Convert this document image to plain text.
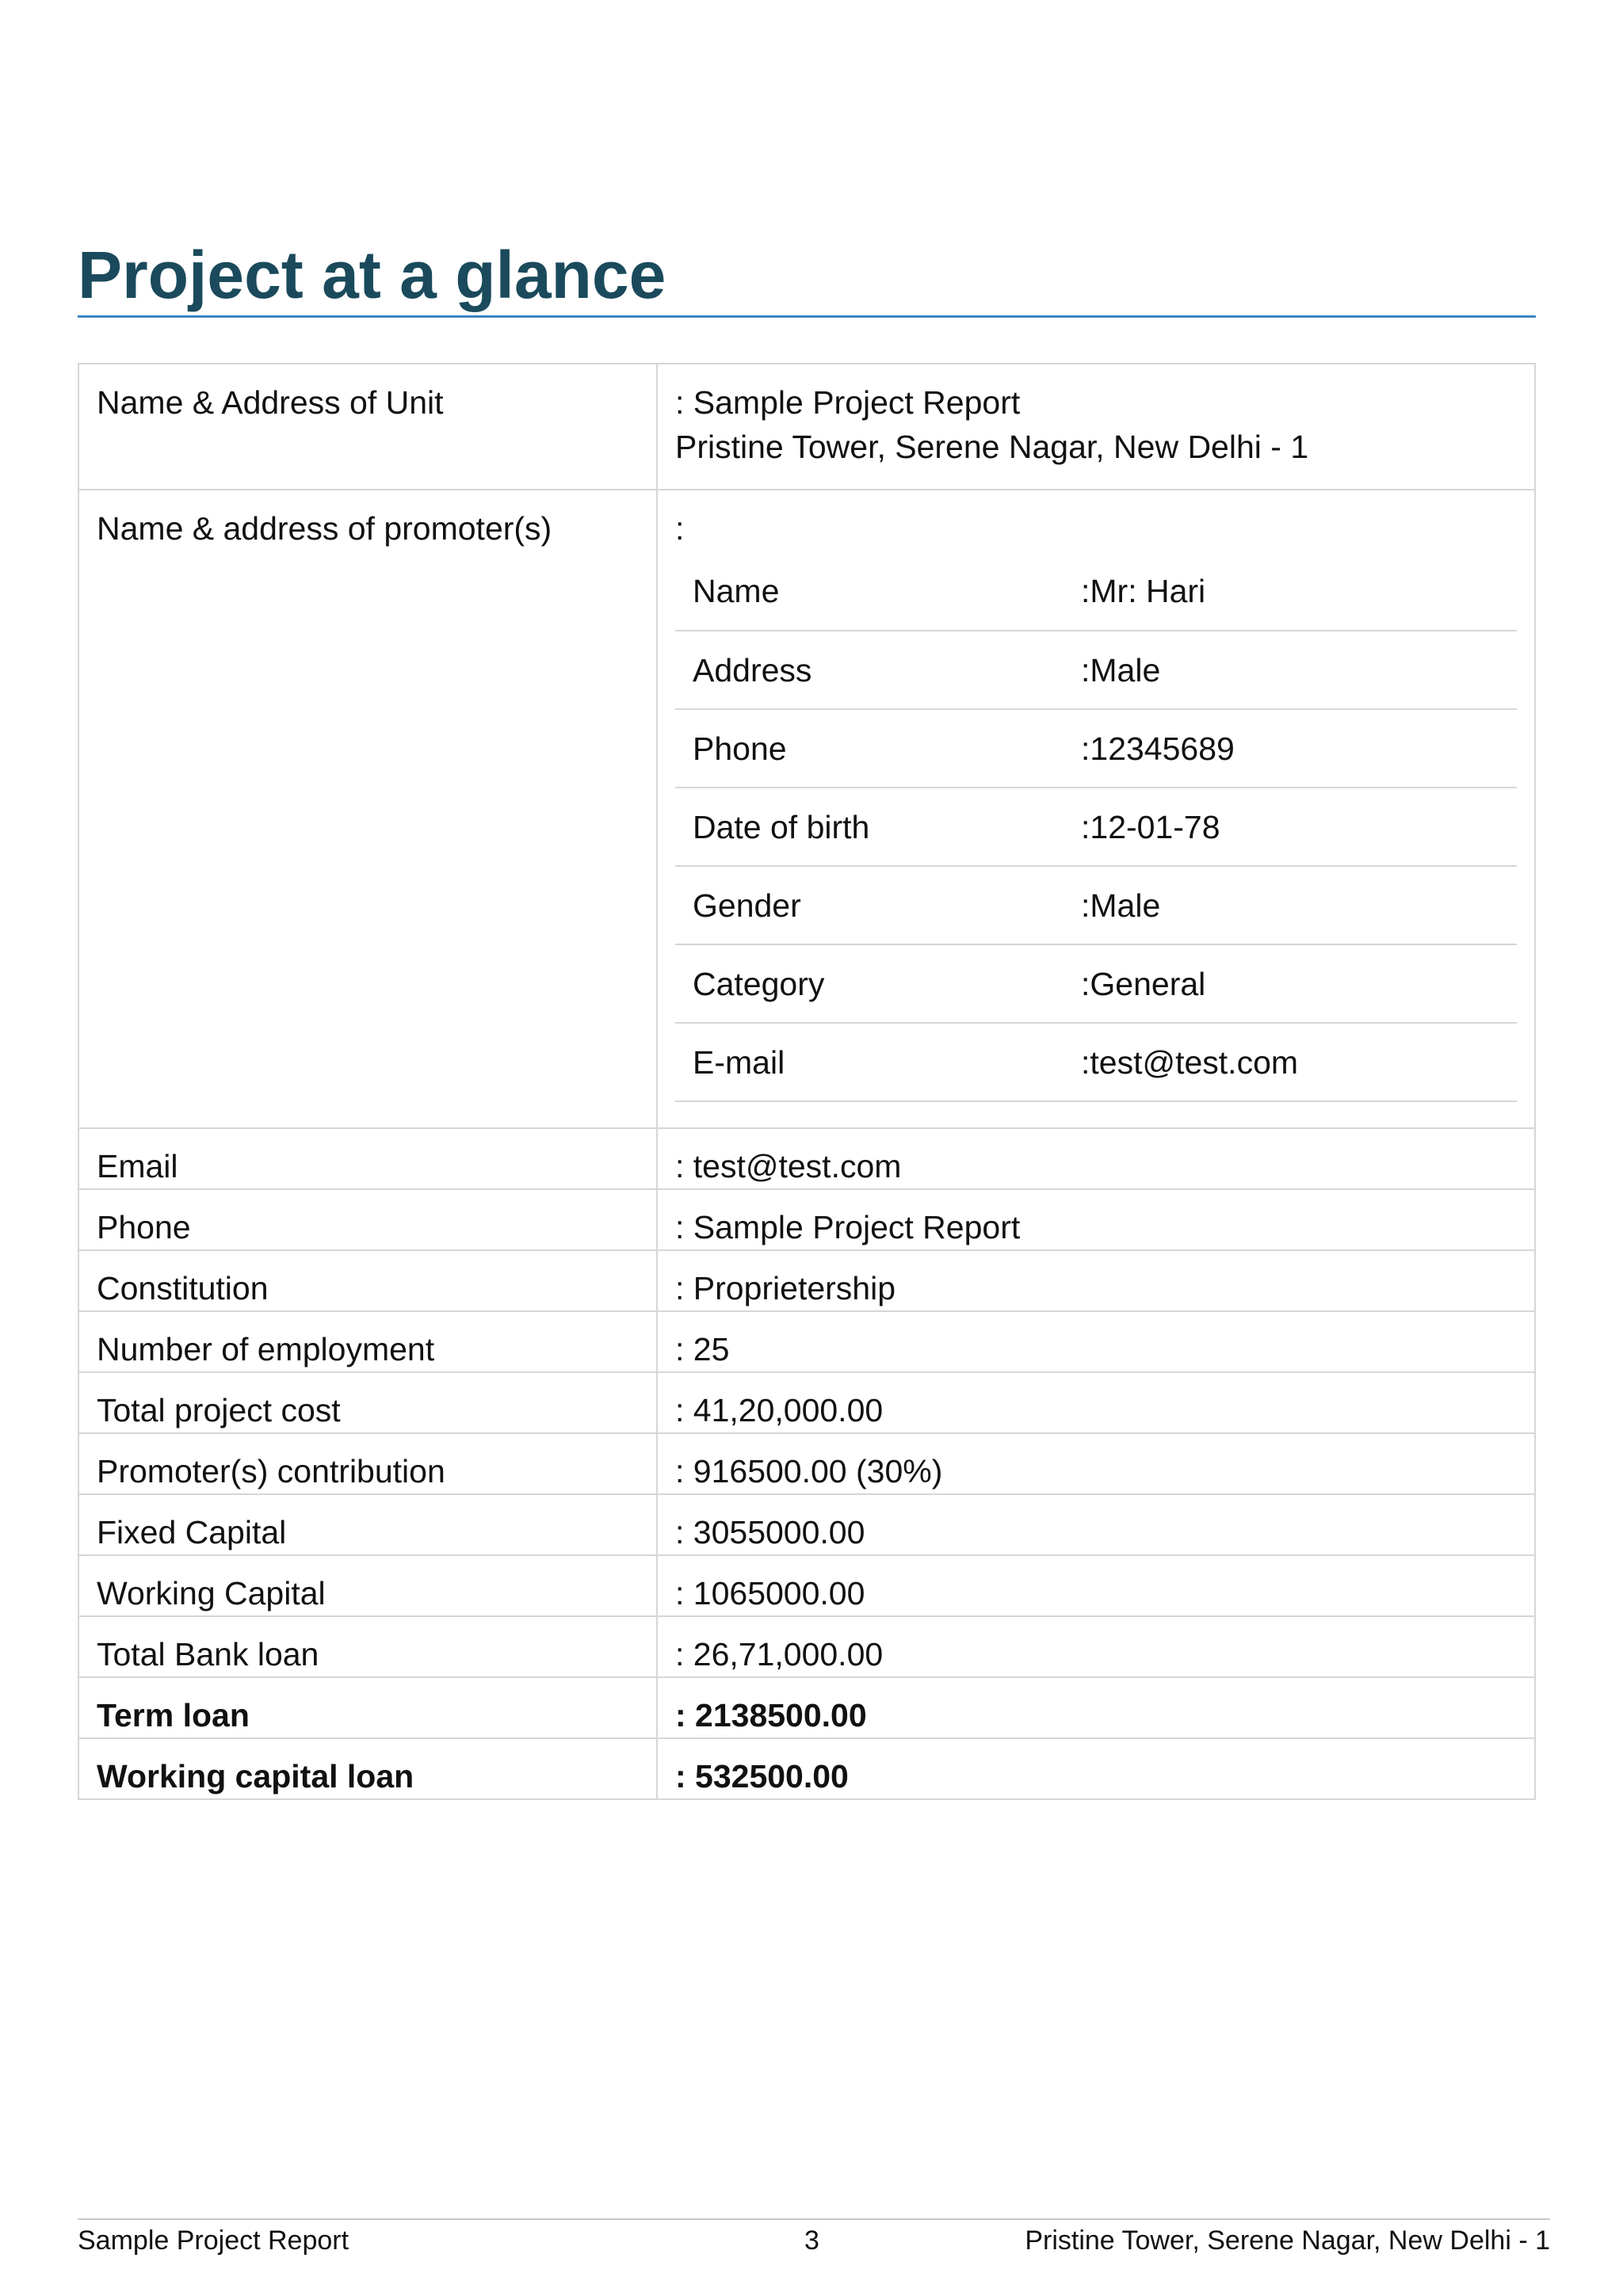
Project at a glance
Name & Address of Unit	: Sample Project Report
Pristine Tower, Serene Nagar, New Delhi - 1

Name & address of promoter(s)	:
Name	:Mr: Hari
Address	:Male
Phone	:12345689
Date of birth	:12-01-78
Gender	:Male
Category	:General
E-mail	:test@test.com

Email	: test@test.com
Phone	: Sample Project Report
Constitution	: Proprietership
Number of employment	: 25
Total project cost	: 41,20,000.00
Promoter(s) contribution	: 916500.00 (30%)
Fixed Capital	: 3055000.00
Working Capital	: 1065000.00
Total Bank loan	: 26,71,000.00
Term loan	: 2138500.00
Working capital loan	: 532500.00
Sample Project Report	3	Pristine Tower, Serene Nagar, New Delhi - 1
